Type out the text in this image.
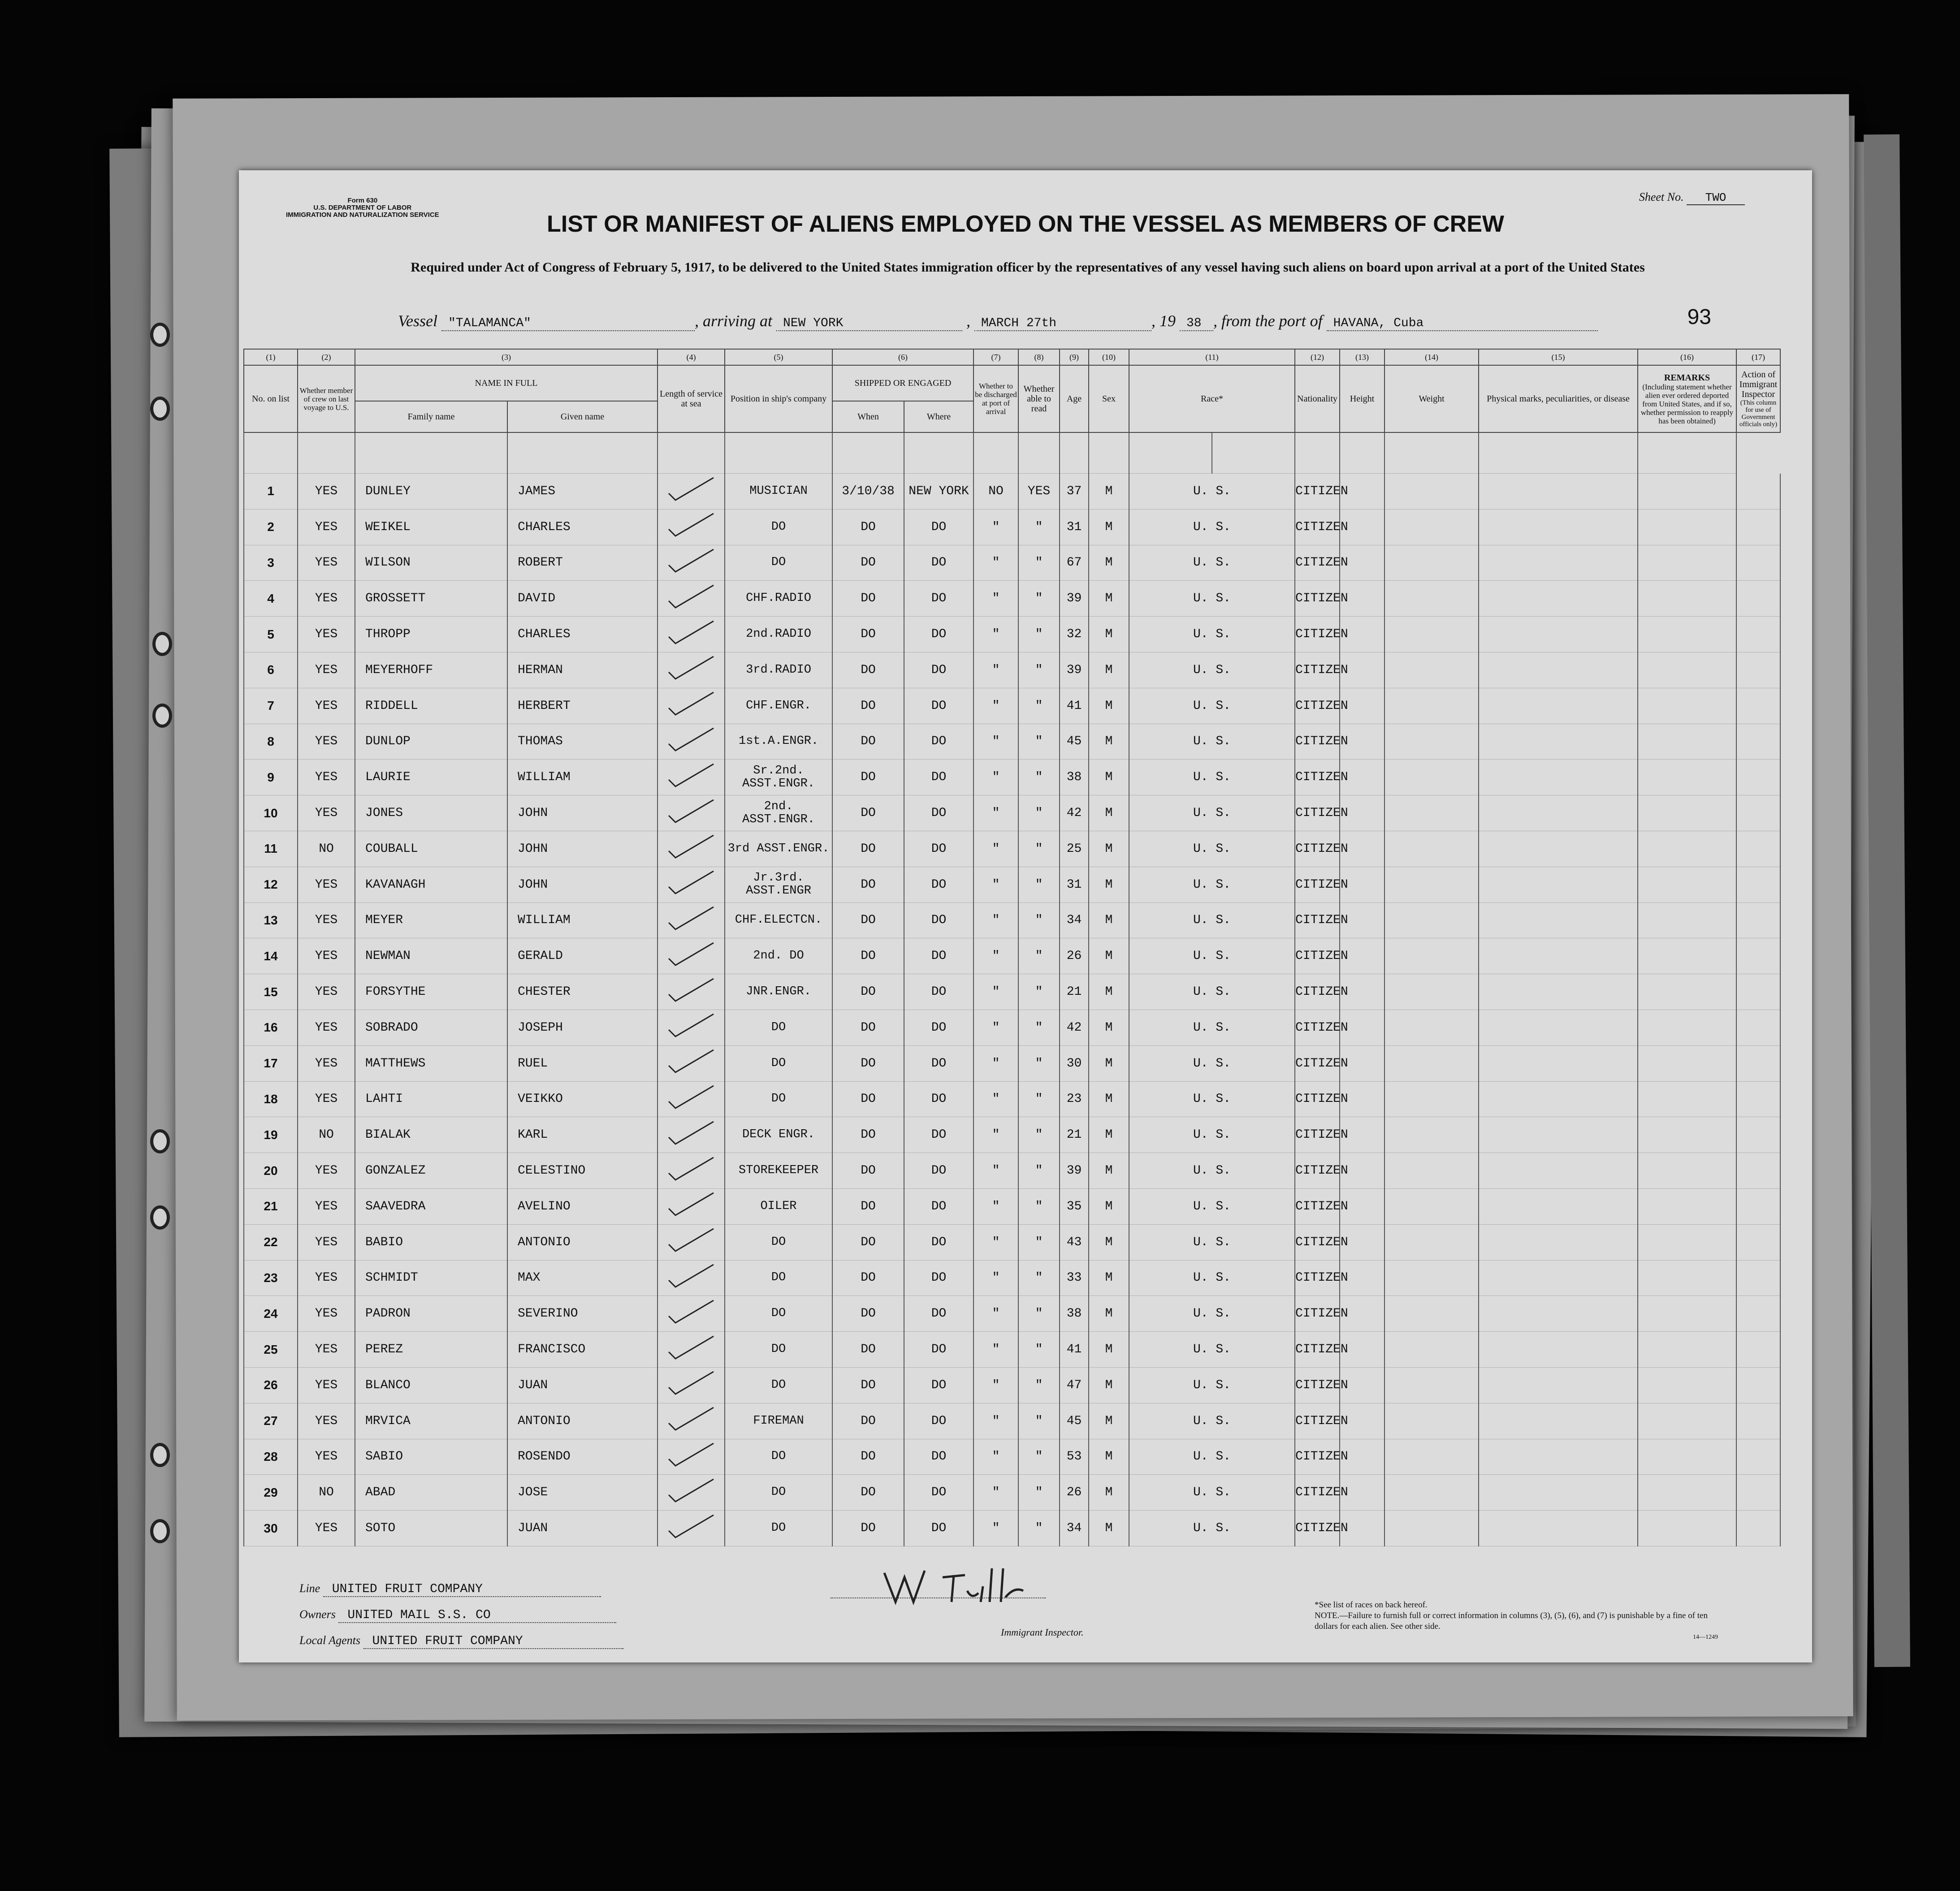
Form 630
U.S. DEPARTMENT OF LABOR
IMMIGRATION AND NATURALIZATION SERVICE
Sheet No. TWO
LIST OR MANIFEST OF ALIENS EMPLOYED ON THE VESSEL AS MEMBERS OF CREW
Required under Act of Congress of February 5, 1917, to be delivered to the United States immigration officer by the representatives of any vessel having such aliens on board upon arrival at a port of the United States
Vessel "TALAMANCA"	, arriving at NEW YORK	, MARCH 27th	, 19 38 , from the port of HAVANA, Cuba	93
(1)	(2)	(3)		(4)	(5)	(6)		(7)	(8)	(9)	(10)	(11)		(12)	(13)	(14)	(15)	(16)	(17)
No. on list	Whether member of crew on last voyage to U.S.	NAME IN FULL		Length of service at sea	Position in ship's company	SHIPPED OR ENGAGED		Whether to be discharged at port of arrival	Whether able to read	Age	Sex	Race*		Nationality	Height	Weight	Physical marks, peculiarities, or disease	REMARKS

(Including statement whether alien ever ordered deported from United States, and if so, whether permission to reapply has been obtained)	Action of Immigrant Inspector

(This column for use of Government officials only)

		Family name	Given name			When	Where												

1	YES	DUNLEY	JAMES		MUSICIAN	3/10/38	NEW YORK	NO	YES	37	M	U. S.		CITIZEN					
2	YES	WEIKEL	CHARLES		DO	DO	DO	"	"	31	M	U. S.		CITIZEN					
3	YES	WILSON	ROBERT		DO	DO	DO	"	"	67	M	U. S.		CITIZEN					
4	YES	GROSSETT	DAVID		CHF.RADIO	DO	DO	"	"	39	M	U. S.		CITIZEN					
5	YES	THROPP	CHARLES		2nd.RADIO	DO	DO	"	"	32	M	U. S.		CITIZEN					
6	YES	MEYERHOFF	HERMAN		3rd.RADIO	DO	DO	"	"	39	M	U. S.		CITIZEN					
7	YES	RIDDELL	HERBERT		CHF.ENGR.	DO	DO	"	"	41	M	U. S.		CITIZEN					
8	YES	DUNLOP	THOMAS		1st.A.ENGR.	DO	DO	"	"	45	M	U. S.		CITIZEN					
9	YES	LAURIE	WILLIAM		Sr.2nd. ASST.ENGR.	DO	DO	"	"	38	M	U. S.		CITIZEN					
10	YES	JONES	JOHN		2nd. ASST.ENGR.	DO	DO	"	"	42	M	U. S.		CITIZEN					
11	NO	COUBALL	JOHN		3rd ASST.ENGR.	DO	DO	"	"	25	M	U. S.		CITIZEN					
12	YES	KAVANAGH	JOHN		Jr.3rd. ASST.ENGR	DO	DO	"	"	31	M	U. S.		CITIZEN					
13	YES	MEYER	WILLIAM		CHF.ELECTCN.	DO	DO	"	"	34	M	U. S.		CITIZEN					
14	YES	NEWMAN	GERALD		2nd. DO	DO	DO	"	"	26	M	U. S.		CITIZEN					
15	YES	FORSYTHE	CHESTER		JNR.ENGR.	DO	DO	"	"	21	M	U. S.		CITIZEN					
16	YES	SOBRADO	JOSEPH		DO	DO	DO	"	"	42	M	U. S.		CITIZEN					
17	YES	MATTHEWS	RUEL		DO	DO	DO	"	"	30	M	U. S.		CITIZEN					
18	YES	LAHTI	VEIKKO		DO	DO	DO	"	"	23	M	U. S.		CITIZEN					
19	NO	BIALAK	KARL		DECK ENGR.	DO	DO	"	"	21	M	U. S.		CITIZEN					
20	YES	GONZALEZ	CELESTINO		STOREKEEPER	DO	DO	"	"	39	M	U. S.		CITIZEN					
21	YES	SAAVEDRA	AVELINO		OILER	DO	DO	"	"	35	M	U. S.		CITIZEN					
22	YES	BABIO	ANTONIO		DO	DO	DO	"	"	43	M	U. S.		CITIZEN					
23	YES	SCHMIDT	MAX		DO	DO	DO	"	"	33	M	U. S.		CITIZEN					
24	YES	PADRON	SEVERINO		DO	DO	DO	"	"	38	M	U. S.		CITIZEN					
25	YES	PEREZ	FRANCISCO		DO	DO	DO	"	"	41	M	U. S.		CITIZEN					
26	YES	BLANCO	JUAN		DO	DO	DO	"	"	47	M	U. S.		CITIZEN					
27	YES	MRVICA	ANTONIO		FIREMAN	DO	DO	"	"	45	M	U. S.		CITIZEN					
28	YES	SABIO	ROSENDO		DO	DO	DO	"	"	53	M	U. S.		CITIZEN					
29	NO	ABAD	JOSE		DO	DO	DO	"	"	26	M	U. S.		CITIZEN					
30	YES	SOTO	JUAN		DO	DO	DO	"	"	34	M	U. S.		CITIZEN					
Line UNITED FRUIT COMPANY
Owners UNITED MAIL S.S. CO
Local Agents UNITED FRUIT COMPANY
Immigrant Inspector.
*See list of races on back hereof.
NOTE.—Failure to furnish full or correct information in columns (3), (5), (6), and (7) is punishable by a fine of ten dollars for each alien. See other side.
14—1249
